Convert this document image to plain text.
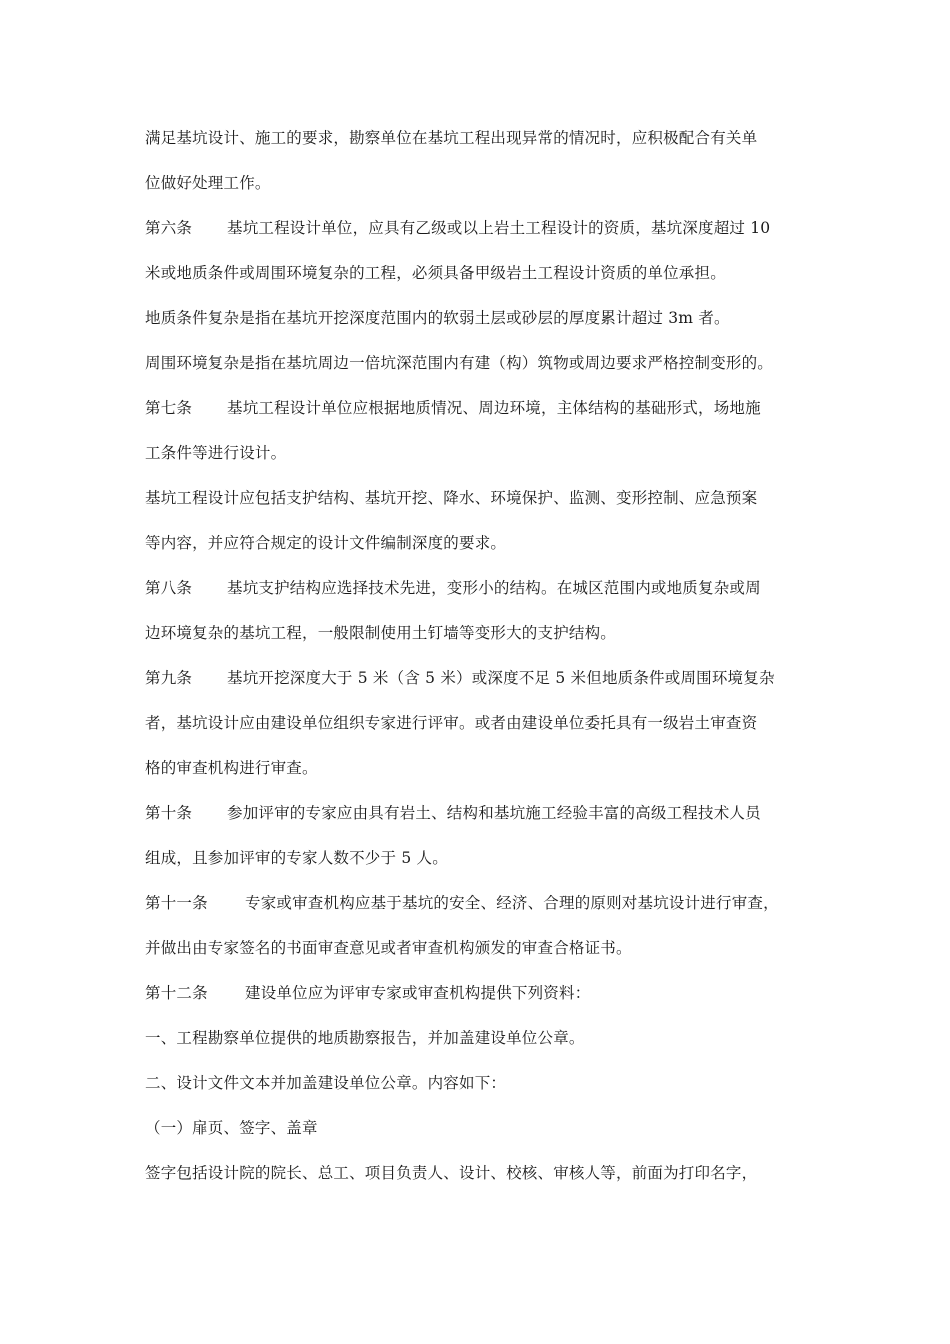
满足基坑设计、施工的要求，勘察单位在基坑工程出现异常的情况时，应积极配合有关单
位做好处理工作。
第六条 基坑工程设计单位，应具有乙级或以上岩土工程设计的资质，基坑深度超过 10
米或地质条件或周围环境复杂的工程，必须具备甲级岩土工程设计资质的单位承担。
地质条件复杂是指在基坑开挖深度范围内的软弱土层或砂层的厚度累计超过 3m 者。
周围环境复杂是指在基坑周边一倍坑深范围内有建（构）筑物或周边要求严格控制变形的。
第七条 基坑工程设计单位应根据地质情况、周边环境，主体结构的基础形式，场地施
工条件等进行设计。
基坑工程设计应包括支护结构、基坑开挖、降水、环境保护、监测、变形控制、应急预案
等内容，并应符合规定的设计文件编制深度的要求。
第八条 基坑支护结构应选择技术先进，变形小的结构。在城区范围内或地质复杂或周
边环境复杂的基坑工程，一般限制使用土钉墙等变形大的支护结构。
第九条 基坑开挖深度大于 5 米（含 5 米）或深度不足 5 米但地质条件或周围环境复杂
者，基坑设计应由建设单位组织专家进行评审。或者由建设单位委托具有一级岩土审查资
格的审查机构进行审查。
第十条 参加评审的专家应由具有岩土、结构和基坑施工经验丰富的高级工程技术人员
组成，且参加评审的专家人数不少于 5 人。
第十一条 专家或审查机构应基于基坑的安全、经济、合理的原则对基坑设计进行审查，
并做出由专家签名的书面审查意见或者审查机构颁发的审查合格证书。
第十二条 建设单位应为评审专家或审查机构提供下列资料：
一、工程勘察单位提供的地质勘察报告，并加盖建设单位公章。
二、设计文件文本并加盖建设单位公章。内容如下：
（一）扉页、签字、盖章
签字包括设计院的院长、总工、项目负责人、设计、校核、审核人等，前面为打印名字，
